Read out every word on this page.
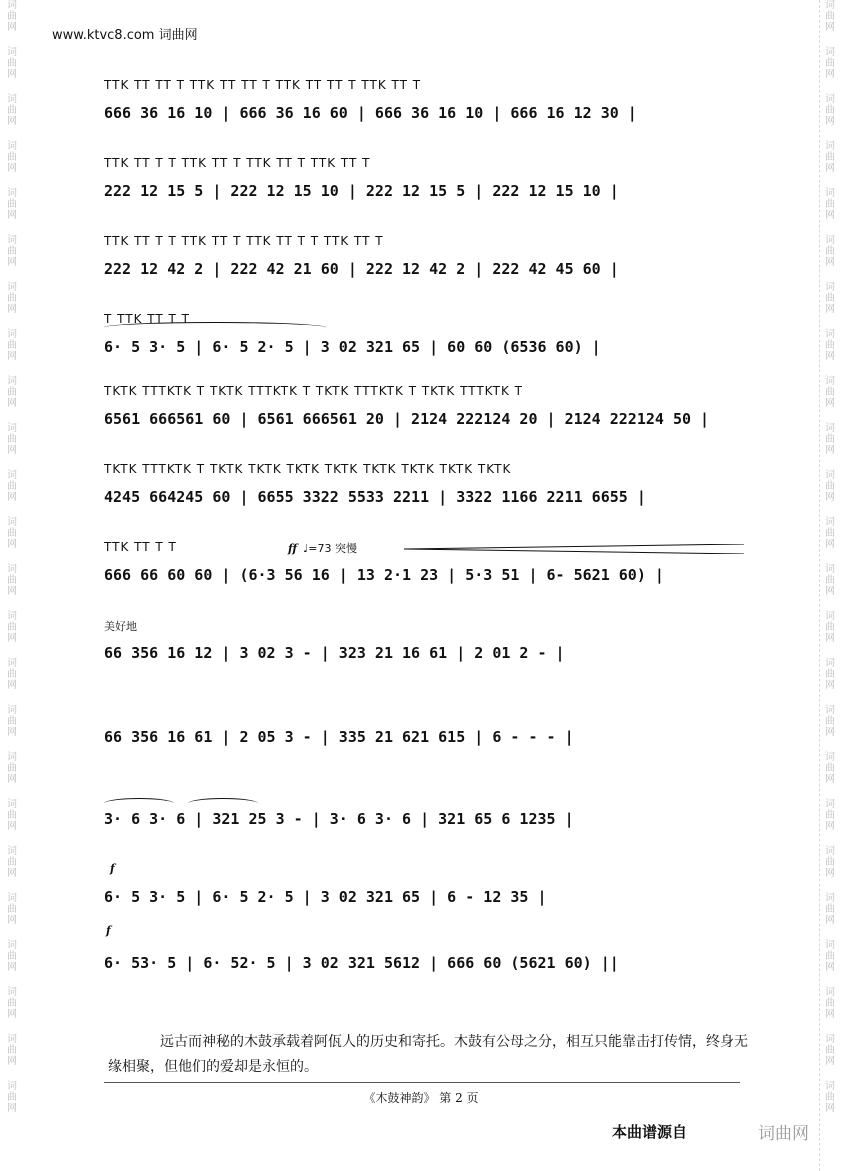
词
曲
网
词
曲
网
词
曲
网
词
曲
网
词
曲
网
词
曲
网
词
曲
网
词
曲
网
词
曲
网
词
曲
网
词
曲
网
词
曲
网
词
曲
网
词
曲
网
词
曲
网
词
曲
网
词
曲
网
词
曲
网
词
曲
网
词
曲
网
词
曲
网
词
曲
网
词
曲
网
词
曲
网
词
曲
网
词
曲
网
词
曲
网
词
曲
网
词
曲
网
词
曲
网
词
曲
网
词
曲
网
词
曲
网
词
曲
网
词
曲
网
词
曲
网
词
曲
网
词
曲
网
词
曲
网
词
曲
网
词
曲
网
词
曲
网
词
曲
网
词
曲
网
词
曲
网
词
曲
网
词
曲
网
词
曲
网
www.ktvc8.com 词曲网
TTK TT TT T TTK TT TT T TTK TT TT T TTK TT T
666 36 16 10 | 666 36 16 60 | 666 36 16 10 | 666 16 12 30 |
TTK TT T T TTK TT T TTK TT T TTK TT T
222 12 15 5 | 222 12 15 10 | 222 12 15 5 | 222 12 15 10 |
TTK TT T T TTK TT T TTK TT T T TTK TT T
222 12 42 2 | 222 42 21 60 | 222 12 42 2 | 222 42 45 60 |
T TTK TT T T
6· 5 3· 5 | 6· 5 2· 5 | 3 02 321 65 | 60 60 (6536 60) |
TKTK TTTKTK T TKTK TTTKTK T TKTK TTTKTK T TKTK TTTKTK T
6561 666561 60 | 6561 666561 20 | 2124 222124 20 | 2124 222124 50 |
TKTK TTTKTK T TKTK TKTK TKTK TKTK TKTK TKTK TKTK TKTK
4245 664245 60 | 6655 3322 5533 2211 | 3322 1166 2211 6655 |
TTK TT T T	ff ♩=73 突慢
666 66 60 60 | (6·3 56 16 | 13 2·1 23 | 5·3 51 | 6- 5621 60) |
美好地
66 356 16 12 | 3 02 3 - | 323 21 16 61 | 2 01 2 - |
66 356 16 61 | 2 05 3 - | 335 21 621 615 | 6 - - - |
3· 6 3· 6 | 321 25 3 - | 3· 6 3· 6 | 321 65 6 1235 |
f
6· 5 3· 5 | 6· 5 2· 5 | 3 02 321 65 | 6 - 12 35 |
f
6· 53· 5 | 6· 52· 5 | 3 02 321 5612 | 666 60 (5621 60) ||

远古而神秘的木鼓承载着阿佤人的历史和寄托。木鼓有公母之分，相互只能靠击打传情，终身无缘相聚，但他们的爱却是永恒的。

《木鼓神韵》 第 2 页
本曲谱源自	词曲网
